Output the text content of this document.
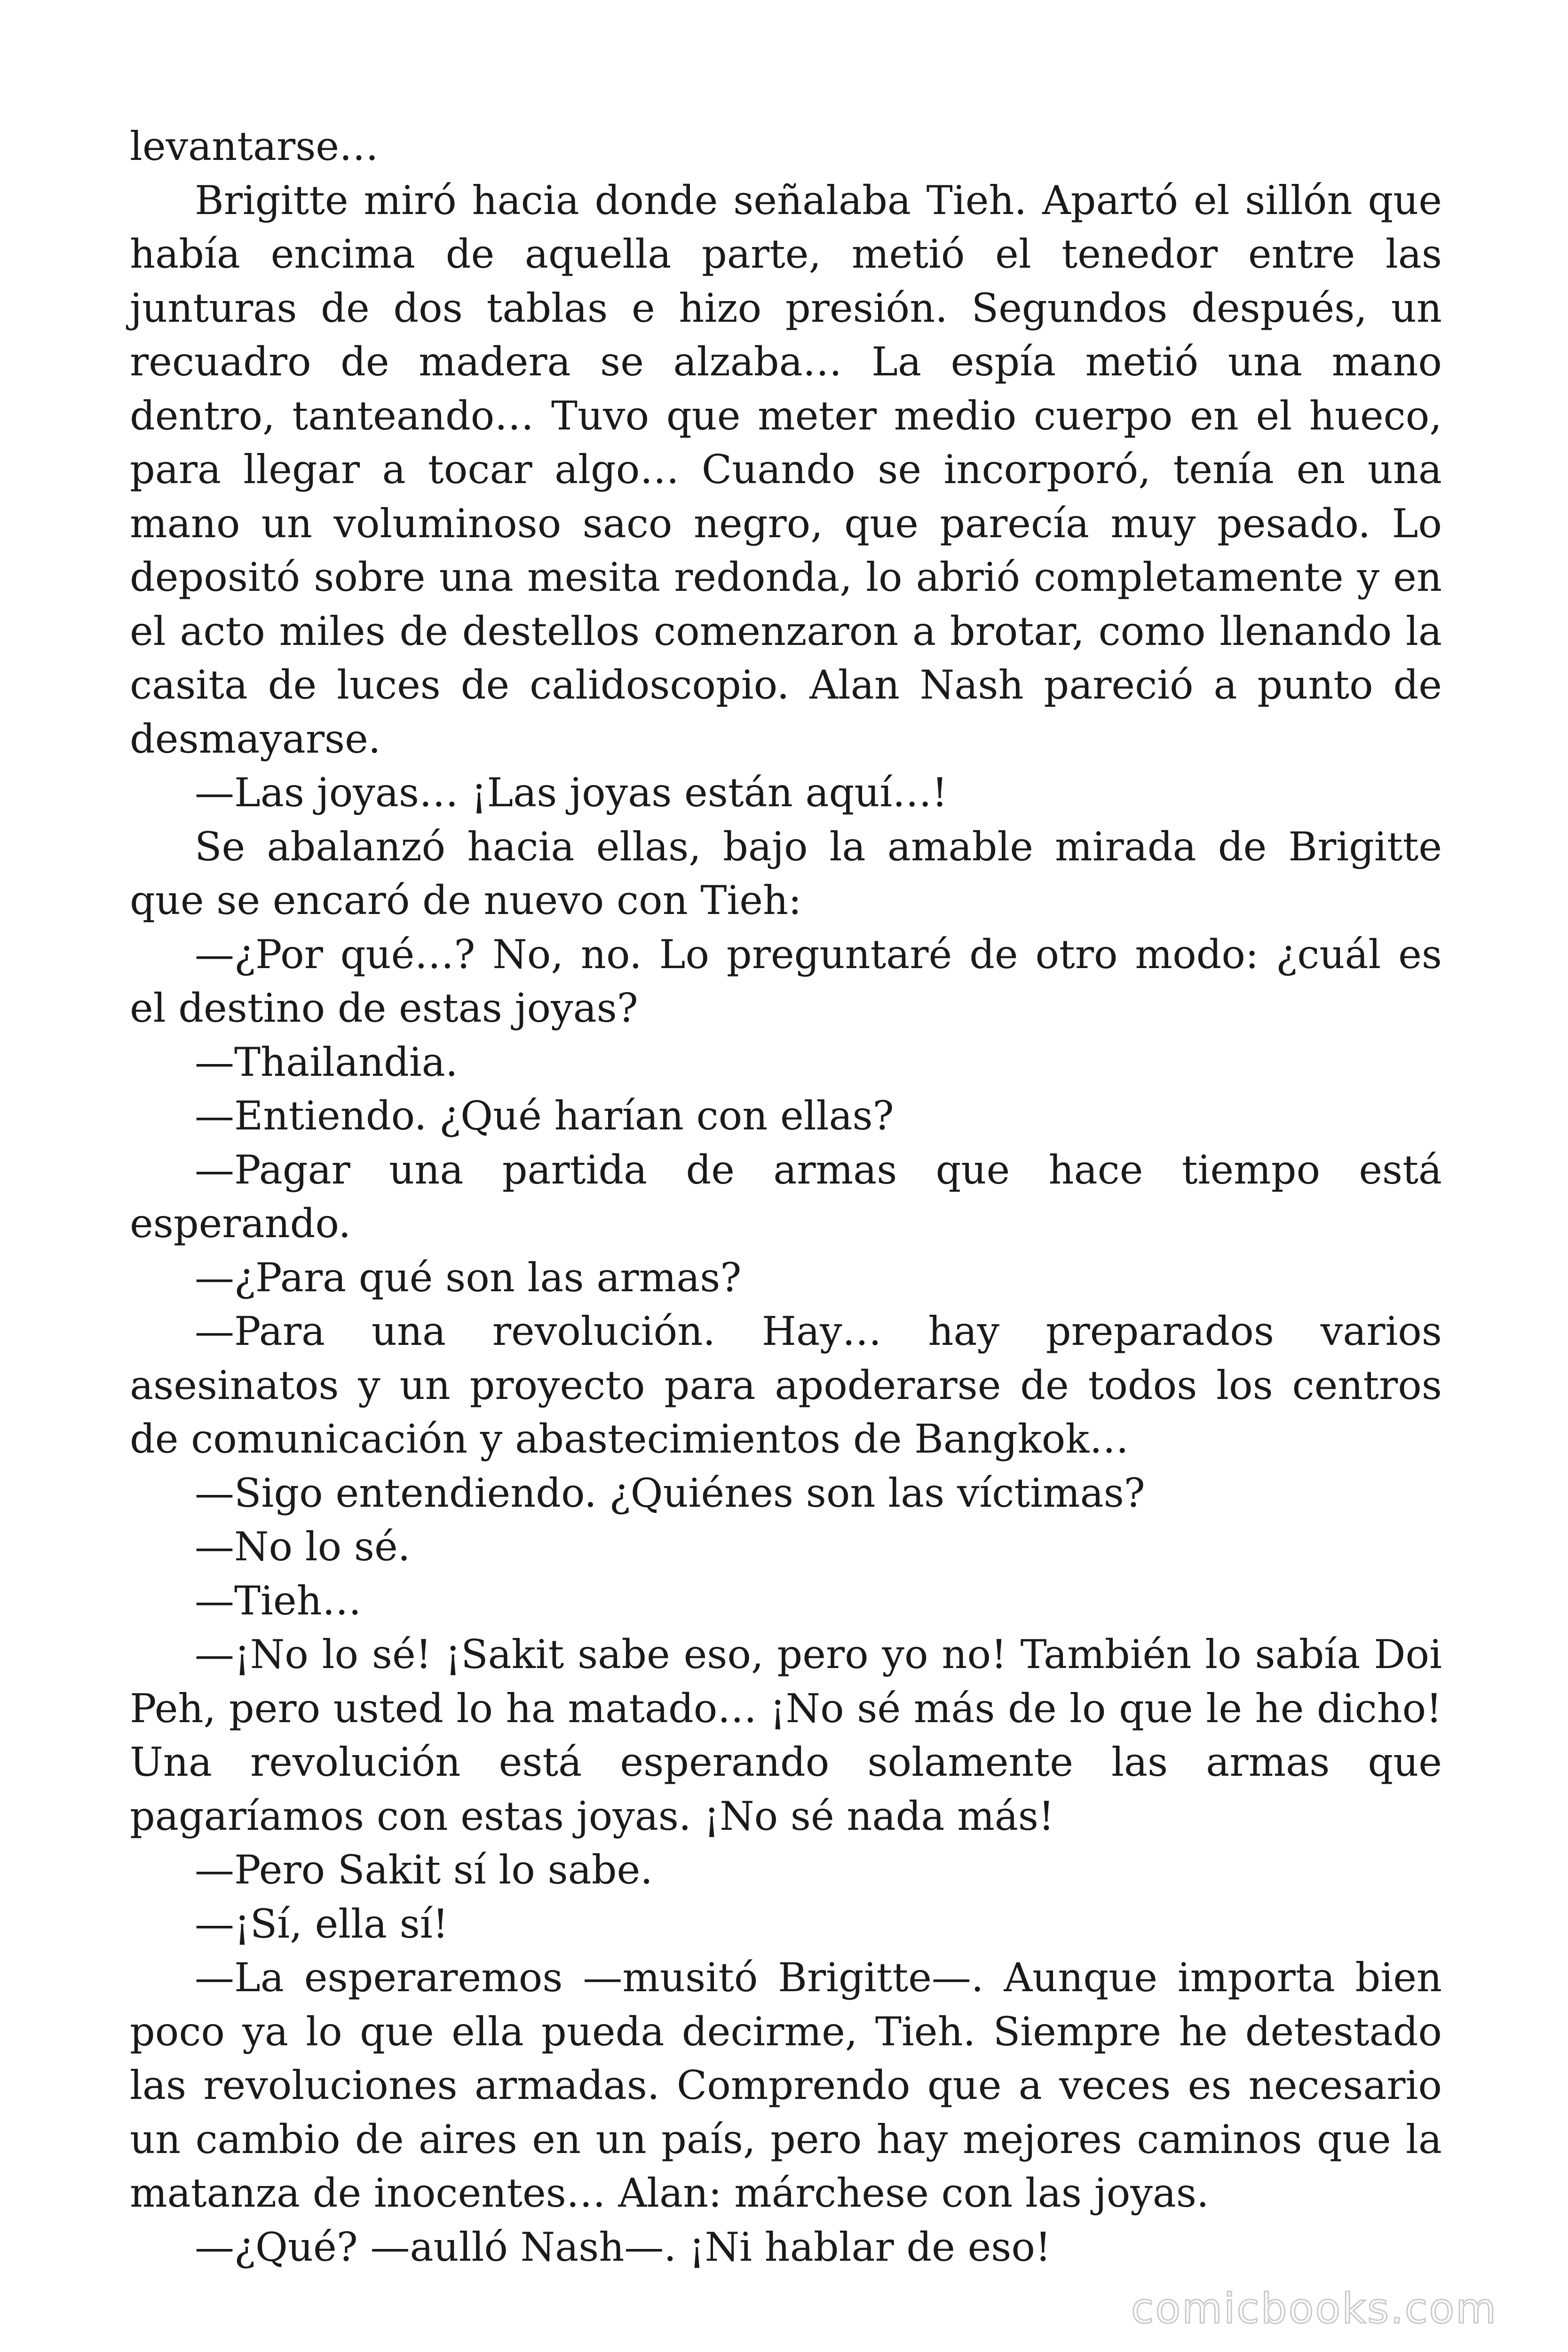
levantarse…

Brigitte miró hacia donde señalaba Tieh. Apartó el sillón que había encima de aquella parte, metió el tenedor entre las junturas de dos tablas e hizo presión. Segundos después, un recuadro de madera se alzaba… La espía metió una mano dentro, tanteando… Tuvo que meter medio cuerpo en el hueco, para llegar a tocar algo… Cuando se incorporó, tenía en una mano un voluminoso saco negro, que parecía muy pesado. Lo depositó sobre una mesita redonda, lo abrió completamente y en el acto miles de destellos comenzaron a brotar, como llenando la casita de luces de calidoscopio. Alan Nash pareció a punto de desmayarse.

—Las joyas… ¡Las joyas están aquí…!

Se abalanzó hacia ellas, bajo la amable mirada de Brigitte que se encaró de nuevo con Tieh:

—¿Por qué…? No, no. Lo preguntaré de otro modo: ¿cuál es el destino de estas joyas?

—Thailandia.

—Entiendo. ¿Qué harían con ellas?

—Pagar una partida de armas que hace tiempo está esperando.

—¿Para qué son las armas?

—Para una revolución. Hay… hay preparados varios asesinatos y un proyecto para apoderarse de todos los centros de comunicación y abastecimientos de Bangkok…

—Sigo entendiendo. ¿Quiénes son las víctimas?

—No lo sé.

—Tieh…

—¡No lo sé! ¡Sakit sabe eso, pero yo no! También lo sabía Doi Peh, pero usted lo ha matado… ¡No sé más de lo que le he dicho! Una revolución está esperando solamente las armas que pagaríamos con estas joyas. ¡No sé nada más!

—Pero Sakit sí lo sabe.

—¡Sí, ella sí!

—La esperaremos —musitó Brigitte—. Aunque importa bien poco ya lo que ella pueda decirme, Tieh. Siempre he detestado las revoluciones armadas. Comprendo que a veces es necesario un cambio de aires en un país, pero hay mejores caminos que la matanza de inocentes… Alan: márchese con las joyas.

—¿Qué? —aulló Nash—. ¡Ni hablar de eso!

comicbooks.com
